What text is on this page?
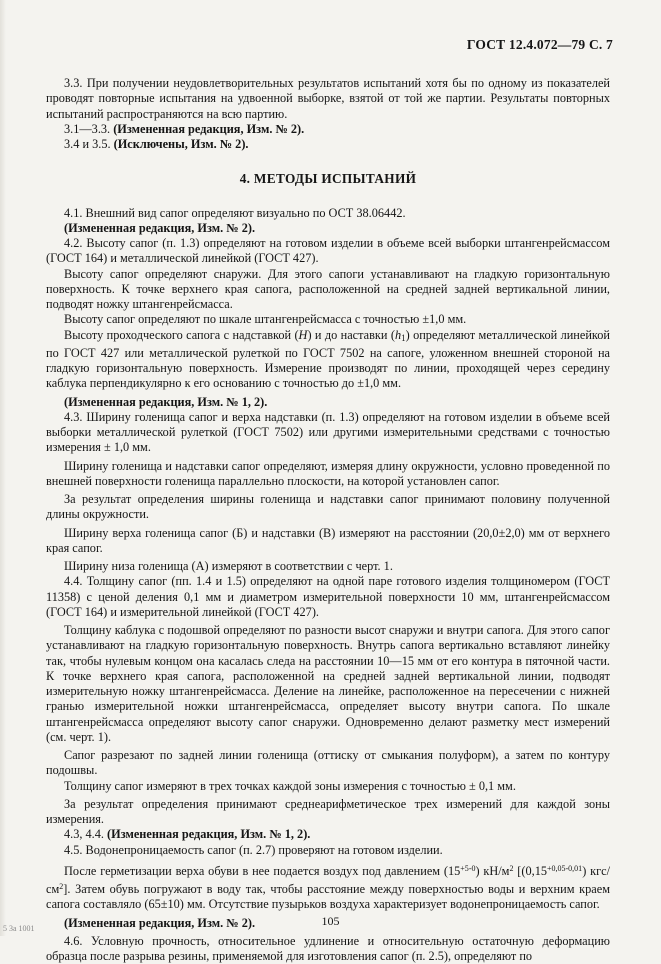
ГОСТ 12.4.072—79 С. 7

3.3. При получении неудовлетворительных результатов испытаний хотя бы по одному из показателей проводят повторные испытания на удвоенной выборке, взятой от той же партии. Результаты повторных испытаний распространяются на всю партию.

3.1—3.3. (Измененная редакция, Изм. № 2).

3.4 и 3.5. (Исключены, Изм. № 2).

4. МЕТОДЫ ИСПЫТАНИЙ

4.1. Внешний вид сапог определяют визуально по ОСТ 38.06442.

(Измененная редакция, Изм. № 2).

4.2. Высоту сапог (п. 1.3) определяют на готовом изделии в объеме всей выборки штангенрейсмассом (ГОСТ 164) и металлической линейкой (ГОСТ 427).

Высоту сапог определяют снаружи. Для этого сапоги устанавливают на гладкую горизонтальную поверхность. К точке верхнего края сапога, расположенной на средней задней вертикальной линии, подводят ножку штангенрейсмасса.

Высоту сапог определяют по шкале штангенрейсмасса с точностью ±1,0 мм.

Высоту проходческого сапога с надставкой (H) и до наставки $(h_1)$ определяют металлической линейкой по ГОСТ 427 или металлической рулеткой по ГОСТ 7502 на сапоге, уложенном внешней стороной на гладкую горизонтальную поверхность. Измерение производят по линии, проходящей через середину каблука перпендикулярно к его основанию с точностью до ±1,0 мм.

(Измененная редакция, Изм. № 1, 2).

4.3. Ширину голенища сапог и верха надставки (п. 1.3) определяют на готовом изделии в объеме всей выборки металлической рулеткой (ГОСТ 7502) или другими измерительными средствами с точностью измерения ± 1,0 мм.

Ширину голенища и надставки сапог определяют, измеряя длину окружности, условно проведенной по внешней поверхности голенища параллельно плоскости, на которой установлен сапог.

За результат определения ширины голенища и надставки сапог принимают половину полученной длины окружности.

Ширину верха голенища сапог (Б) и надставки (В) измеряют на расстоянии (20,0±2,0) мм от верхнего края сапог.

Ширину низа голенища (А) измеряют в соответствии с черт. 1.

4.4. Толщину сапог (пп. 1.4 и 1.5) определяют на одной паре готового изделия толщиномером (ГОСТ 11358) с ценой деления 0,1 мм и диаметром измерительной поверхности 10 мм, штангенрейсмассом (ГОСТ 164) и измерительной линейкой (ГОСТ 427).

Толщину каблука с подошвой определяют по разности высот снаружи и внутри сапога. Для этого сапог устанавливают на гладкую горизонтальную поверхность. Внутрь сапога вертикально вставляют линейку так, чтобы нулевым концом она касалась следа на расстоянии 10—15 мм от его контура в пяточной части. К точке верхнего края сапога, расположенной на средней задней вертикальной линии, подводят измерительную ножку штангенрейсмасса. Деление на линейке, расположенное на пересечении с нижней гранью измерительной ножки штангенрейсмасса, определяет высоту внутри сапога. По шкале штангенрейсмасса определяют высоту сапог снаружи. Одновременно делают разметку мест измерений (см. черт. 1).

Сапог разрезают по задней линии голенища (оттиску от смыкания полуформ), а затем по контуру подошвы.

Толщину сапог измеряют в трех точках каждой зоны измерения с точностью ± 0,1 мм.

За результат определения принимают среднеарифметическое трех измерений для каждой зоны измерения.

4.3, 4.4. (Измененная редакция, Изм. № 1, 2).

4.5. Водонепроницаемость сапог (п. 2.7) проверяют на готовом изделии.

После герметизации верха обуви в нее подается воздух под давлением $(15^{+5-0})$ $кН/м^2$ [$(0,15^{+0,05-0,01})$ кгс/$см^2$]. Затем обувь погружают в воду так, чтобы расстояние между поверхностью воды и верхним краем сапога составляло (65±10) мм. Отсутствие пузырьков воздуха характеризует водонепроницаемость сапог.

(Измененная редакция, Изм. № 2).

4.6. Условную прочность, относительное удлинение и относительную остаточную деформацию образца после разрыва резины, применяемой для изготовления сапог (п. 2.5), определяют по

105
5 3а 1001
